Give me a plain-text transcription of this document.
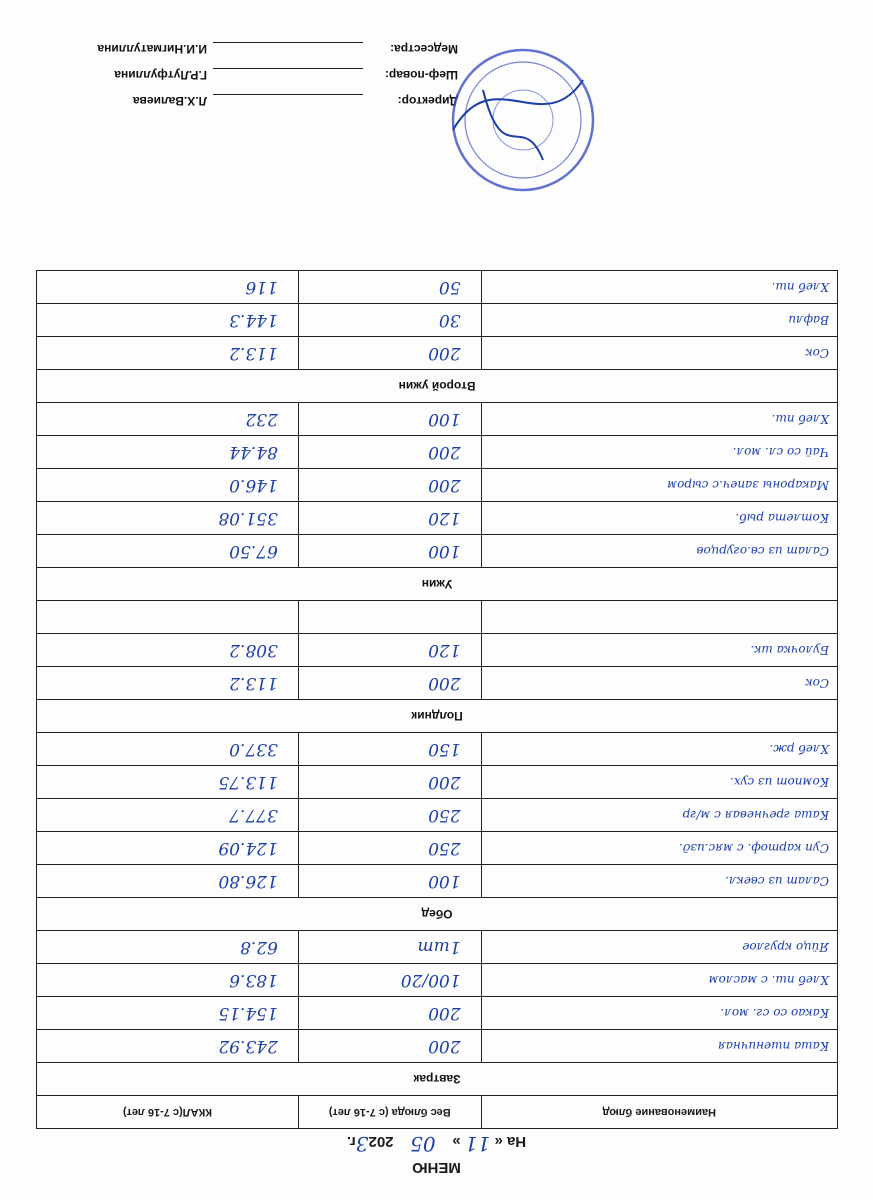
МЕНЮ
На « 11 »    05    2023г.
Наименование блюд	Вес блюда (с 7-16 лет)	ККАЛ(с 7-16 лет)
Завтрак		
Каша пшеничная	200	243.92
Какао со сг. мол.	200	154.15
Хлеб пш. с маслом	100/20	183.6
Яйцо круглое	1шт	62.8
Обед		
Салат из свекл.	100	126.80
Суп картоф. с мяс.изд.	250	124.09
Каша гречневая с м/гр	250	377.7
Компот из сух.	200	113.75
Хлеб рж.	150	337.0
Полдник		
Сок	200	113.2
Булочка шк.	120	308.2

Ужин		
Салат из св.огурцов	100	67.50
Котлета рыб.	120	351.08
Макароны запеч.с сыром	200	146.0
Чай со сл. мол.	200	84.44
Хлеб пш.	100	232
Второй ужин		
Сок	200	113.2
Вафли	30	144.3
Хлеб пш.	50	116
Директор:Л.Х.Валиева
Шеф-повар:Г.Р.Лутфуллина
Медсестра:И.И.Нигматуллина
